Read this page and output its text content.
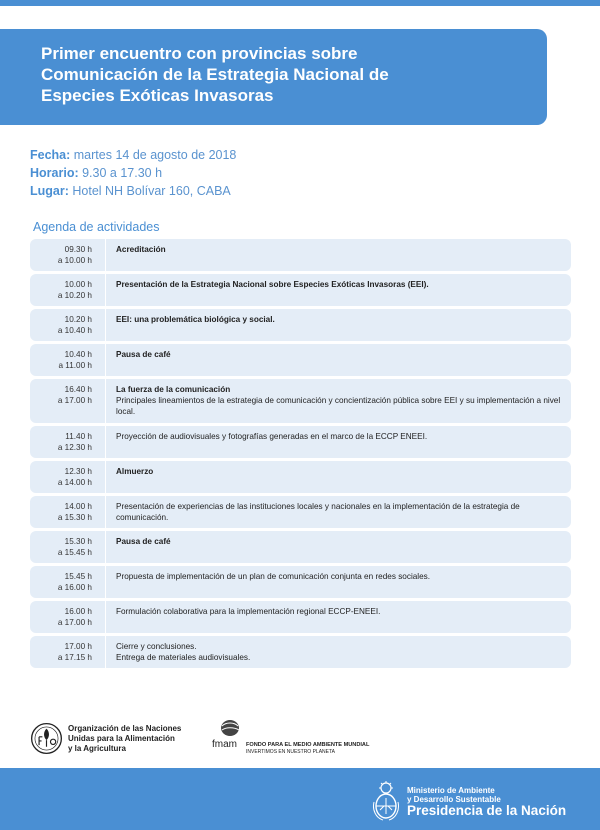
Primer encuentro con provincias sobre
Comunicación de la Estrategia Nacional de
Especies Exóticas Invasoras
Fecha: martes 14 de agosto de 2018
Horario: 9.30 a 17.30 h
Lugar: Hotel NH Bolívar 160, CABA
Agenda de actividades
09.30 h
a 10.00 h
Acreditación
10.00 h
a 10.20 h
Presentación de la Estrategia Nacional sobre Especies Exóticas Invasoras (EEI).
10.20 h
a 10.40 h
EEI: una problemática biológica y social.
10.40 h
a 11.00 h
Pausa de café
16.40 h
a 17.00 h
La fuerza de la comunicación
Principales lineamientos de la estrategia de comunicación y concientización pública sobre EEI y su implementación a nivel local.
11.40 h
a 12.30 h
Proyección de audiovisuales y fotografías generadas en el marco de la ECCP ENEEI.
12.30 h
a 14.00 h
Almuerzo
14.00 h
a 15.30 h
Presentación de experiencias de las instituciones locales y nacionales en la implementación de la estrategia de comunicación.
15.30 h
a 15.45 h
Pausa de café
15.45 h
a 16.00 h
Propuesta de implementación de un plan de comunicación conjunta en redes sociales.
16.00 h
a 17.00 h
Formulación colaborativa para la implementación regional ECCP-ENEEI.
17.00 h
a 17.15 h
Cierre y conclusiones.
Entrega de materiales audiovisuales.
Organización de las Naciones
Unidas para la Alimentación
y la Agricultura	fmam FONDO PARA EL MEDIO AMBIENTE MUNDIAL
INVERTIMOS EN NUESTRO PLANETA
Ministerio de Ambiente
y Desarrollo Sustentable
Presidencia de la Nación
